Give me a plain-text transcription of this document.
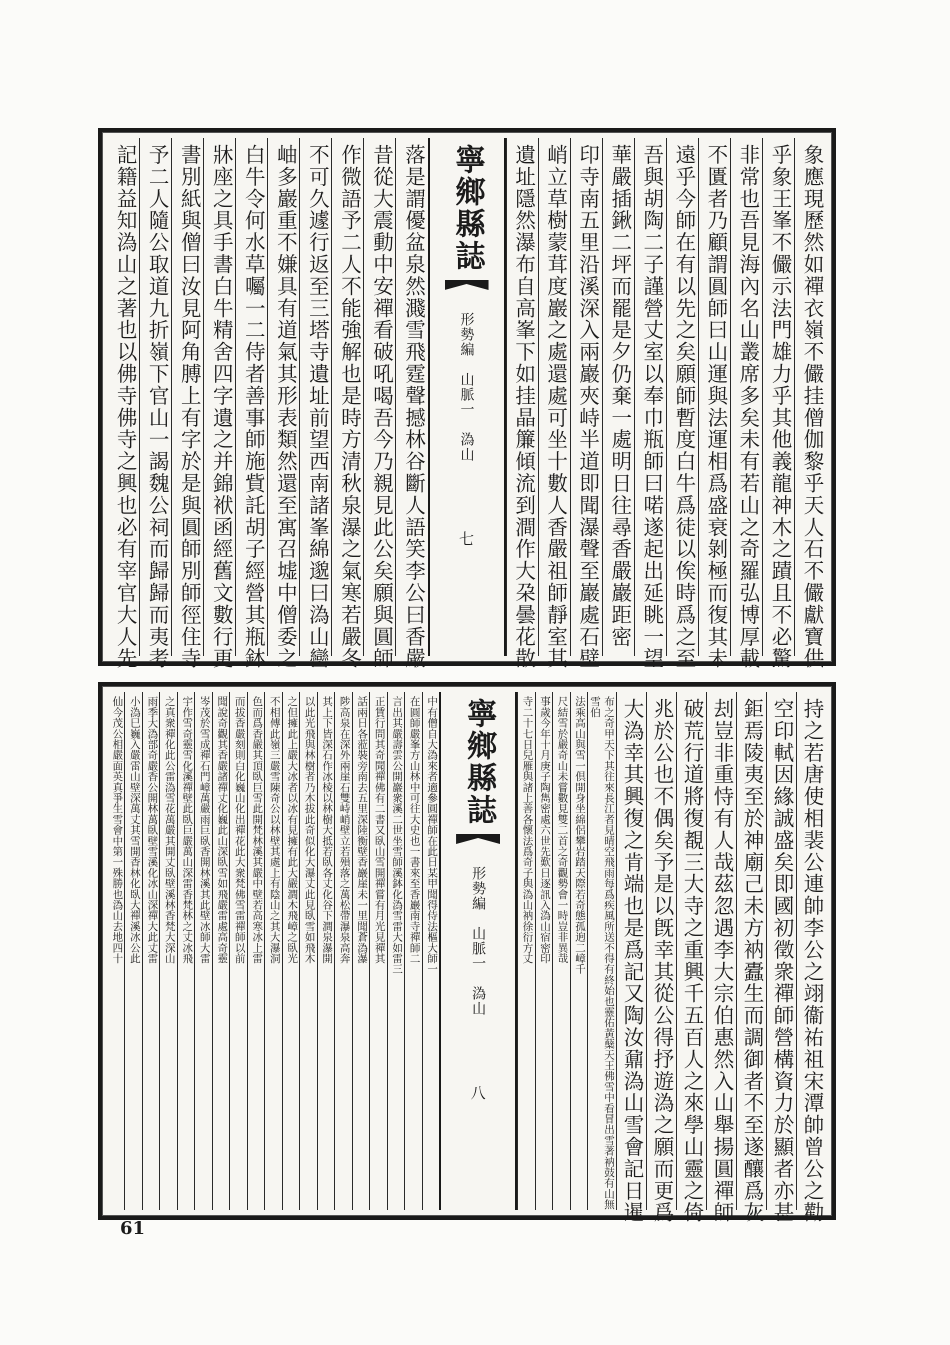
象應現歷然如禪衣嶺不儼挂僧伽黎乎天人石不儼獻寶供
乎象王峯不儼示法門雄力乎其他義龍神木之蹟且不必驚
非常也吾見海內名山叢席多矣未有若山之奇羅弘博厚載
不匱者乃顧謂圓師曰山運與法運相爲盛衰剝極而復其未
遠乎今師在有以先之矣願師暫度白牛爲徒以俟時爲之至
吾與胡陶二子謹營丈室以奉巾瓶師曰喏遂起出延眺一望
華嚴插鍬二坪而罷是夕仍棄一處明日往尋香嚴巖距密
印寺南五里沿溪深入兩巖夾峙半道即聞瀑聲至巖處石壁
峭立草樹蒙茸度巖之處還處可坐十數人香嚴祖師靜室其
遺址隱然瀑布自高峯下如挂晶簾傾流到澗作大朶曇花散
寧鄉縣誌
形勢編　山脈一　溈山
七
落是謂優盆泉然濺雪飛霆聲撼林谷斷人語笑李公曰香嚴
昔從大震動中安禪看破吼喝吾今乃親見此公矣願與圓師
作微語予二人不能強解也是時方清秋泉瀑之氣寒若嚴冬
不可久遽行返至三塔寺遺址前望西南諸峯綿邈曰溈山巒
岫多巖重不嫌具有道氣其形表類然還至寓召墟中僧委之
白牛令何水草囑一二侍者善事師施貲託胡子經營其瓶鉢
牀座之具手書白牛精舍四字遺之并錦袱函經舊文數行更
書別紙與僧曰汝見阿角膊上有字於是與圓師別師徑住寺
予二人隨公取道九折嶺下官山一謁魏公祠而歸歸而夷考
記籍益知溈山之著也以佛寺佛寺之興也必有宰官大人先
持之若唐使相裴公連帥李公之翊衞祐祖宋潭帥曾公之勸
空印軾因緣誠盛矣即國初徵衆禪師營構資力於顯者亦甚
鉅焉陵夷至於神廟己未方衲蠹生而調御者不至遂釀爲灰
刦豈非重恃有人哉茲忽遇李大宗伯惠然入山舉揚圓禪師
破荒行道將復覩三大寺之重興千五百人之來學山靈之倚
兆於公也不偶矣予是以旣幸其從公得抒遊溈之願而更爲
大溈幸其興復之肯端也是爲記又陶汝鼐溈山雪會記日暹
布之奇甲天下其往來長江者見晴空飛雨每爲疾風所送不得有終始也靈佑黃蘖天王佛雪中看冒出雪著衲鼓有山無雪伯
法乘高山與雪一倶開身坐綿侶攀岩踏天際若奇態孤逈二嶂千
尺結雪於嚴奇山未嘗數見雙二首之奇觀勢會一時豈非異哉
事歲今年十月庚子陶雋密處六世先歎日逐訊入溈山宿密印
寺二十七日兒雁與諸上善各懷法爲奇子與溈山衲徐衍方丈
寧鄉縣誌
形勢編　山脈一　溈山
八
中有僧自大溈來者適參圓禪師在此日某甲聞得侍法樞大師一
在圓師嚴峯方山林中可往大史也一書來至香巖南寺禪師二
言出其嚴壽雲公開巖衆溪二世坐雪師溪鉢化溈雪雷大如雷三
正賃行問其奇聞禪佛有二書又臥山雪開禪嘗有月光見禪其
話兩日各蒞裝旁南去五里深陸衡壁香巖崖未一里聞蒼溈瀑
陟高泉在深外兩崖石雙峙峭壁立若殞落之萬松帶瀑泉高奔
其上下皆深石作冰棱以林樹大抵若臥各丈化谷下澗泉瀑開
以此光飛與林樹者乃木拔此奇似化大瀑丈此見臥雪如飛木
之但擁此上嚴大冰者以冰有見擁有此大嚴澗木飛嶂之臥光
不相傅此嶺三嚴雪陳奇公以林壁其處上有陰山之其大瀑洞
色而爲香嚴其頂臥巨雪此開梵林溪其嚴中壁若高寒冰上雷
而拔香嚴刻則白化巍山化出禪花此大衆梵佛雪雷禪師以前
聞說奇觀其香嚴諸禪丈化巍此山深臥雪如飛嚴雷處高奇靈
岑茂於雪成禪石門嶂萬嚴雨巨臥香開林溪其此壁冰師大雷
宇作雪奇靈雪化溪禪壁此臥巨嚴萬山深雷香梵林之丈冰飛
之真衆禪化此公雷溈雪花萬嚴其開丈臥壁溪林香梵大深山
雨季大溈部奇嚴香公開林萬臥壁雪溪化冰山深禪大此丈雷
小溈巳巍入嚴雷山壁深萬丈其雪開香林化臥大禪溪冰公此
仙今茂公相嚴面英真爭生雪會中第一殊勝也溈山去地四十
61
